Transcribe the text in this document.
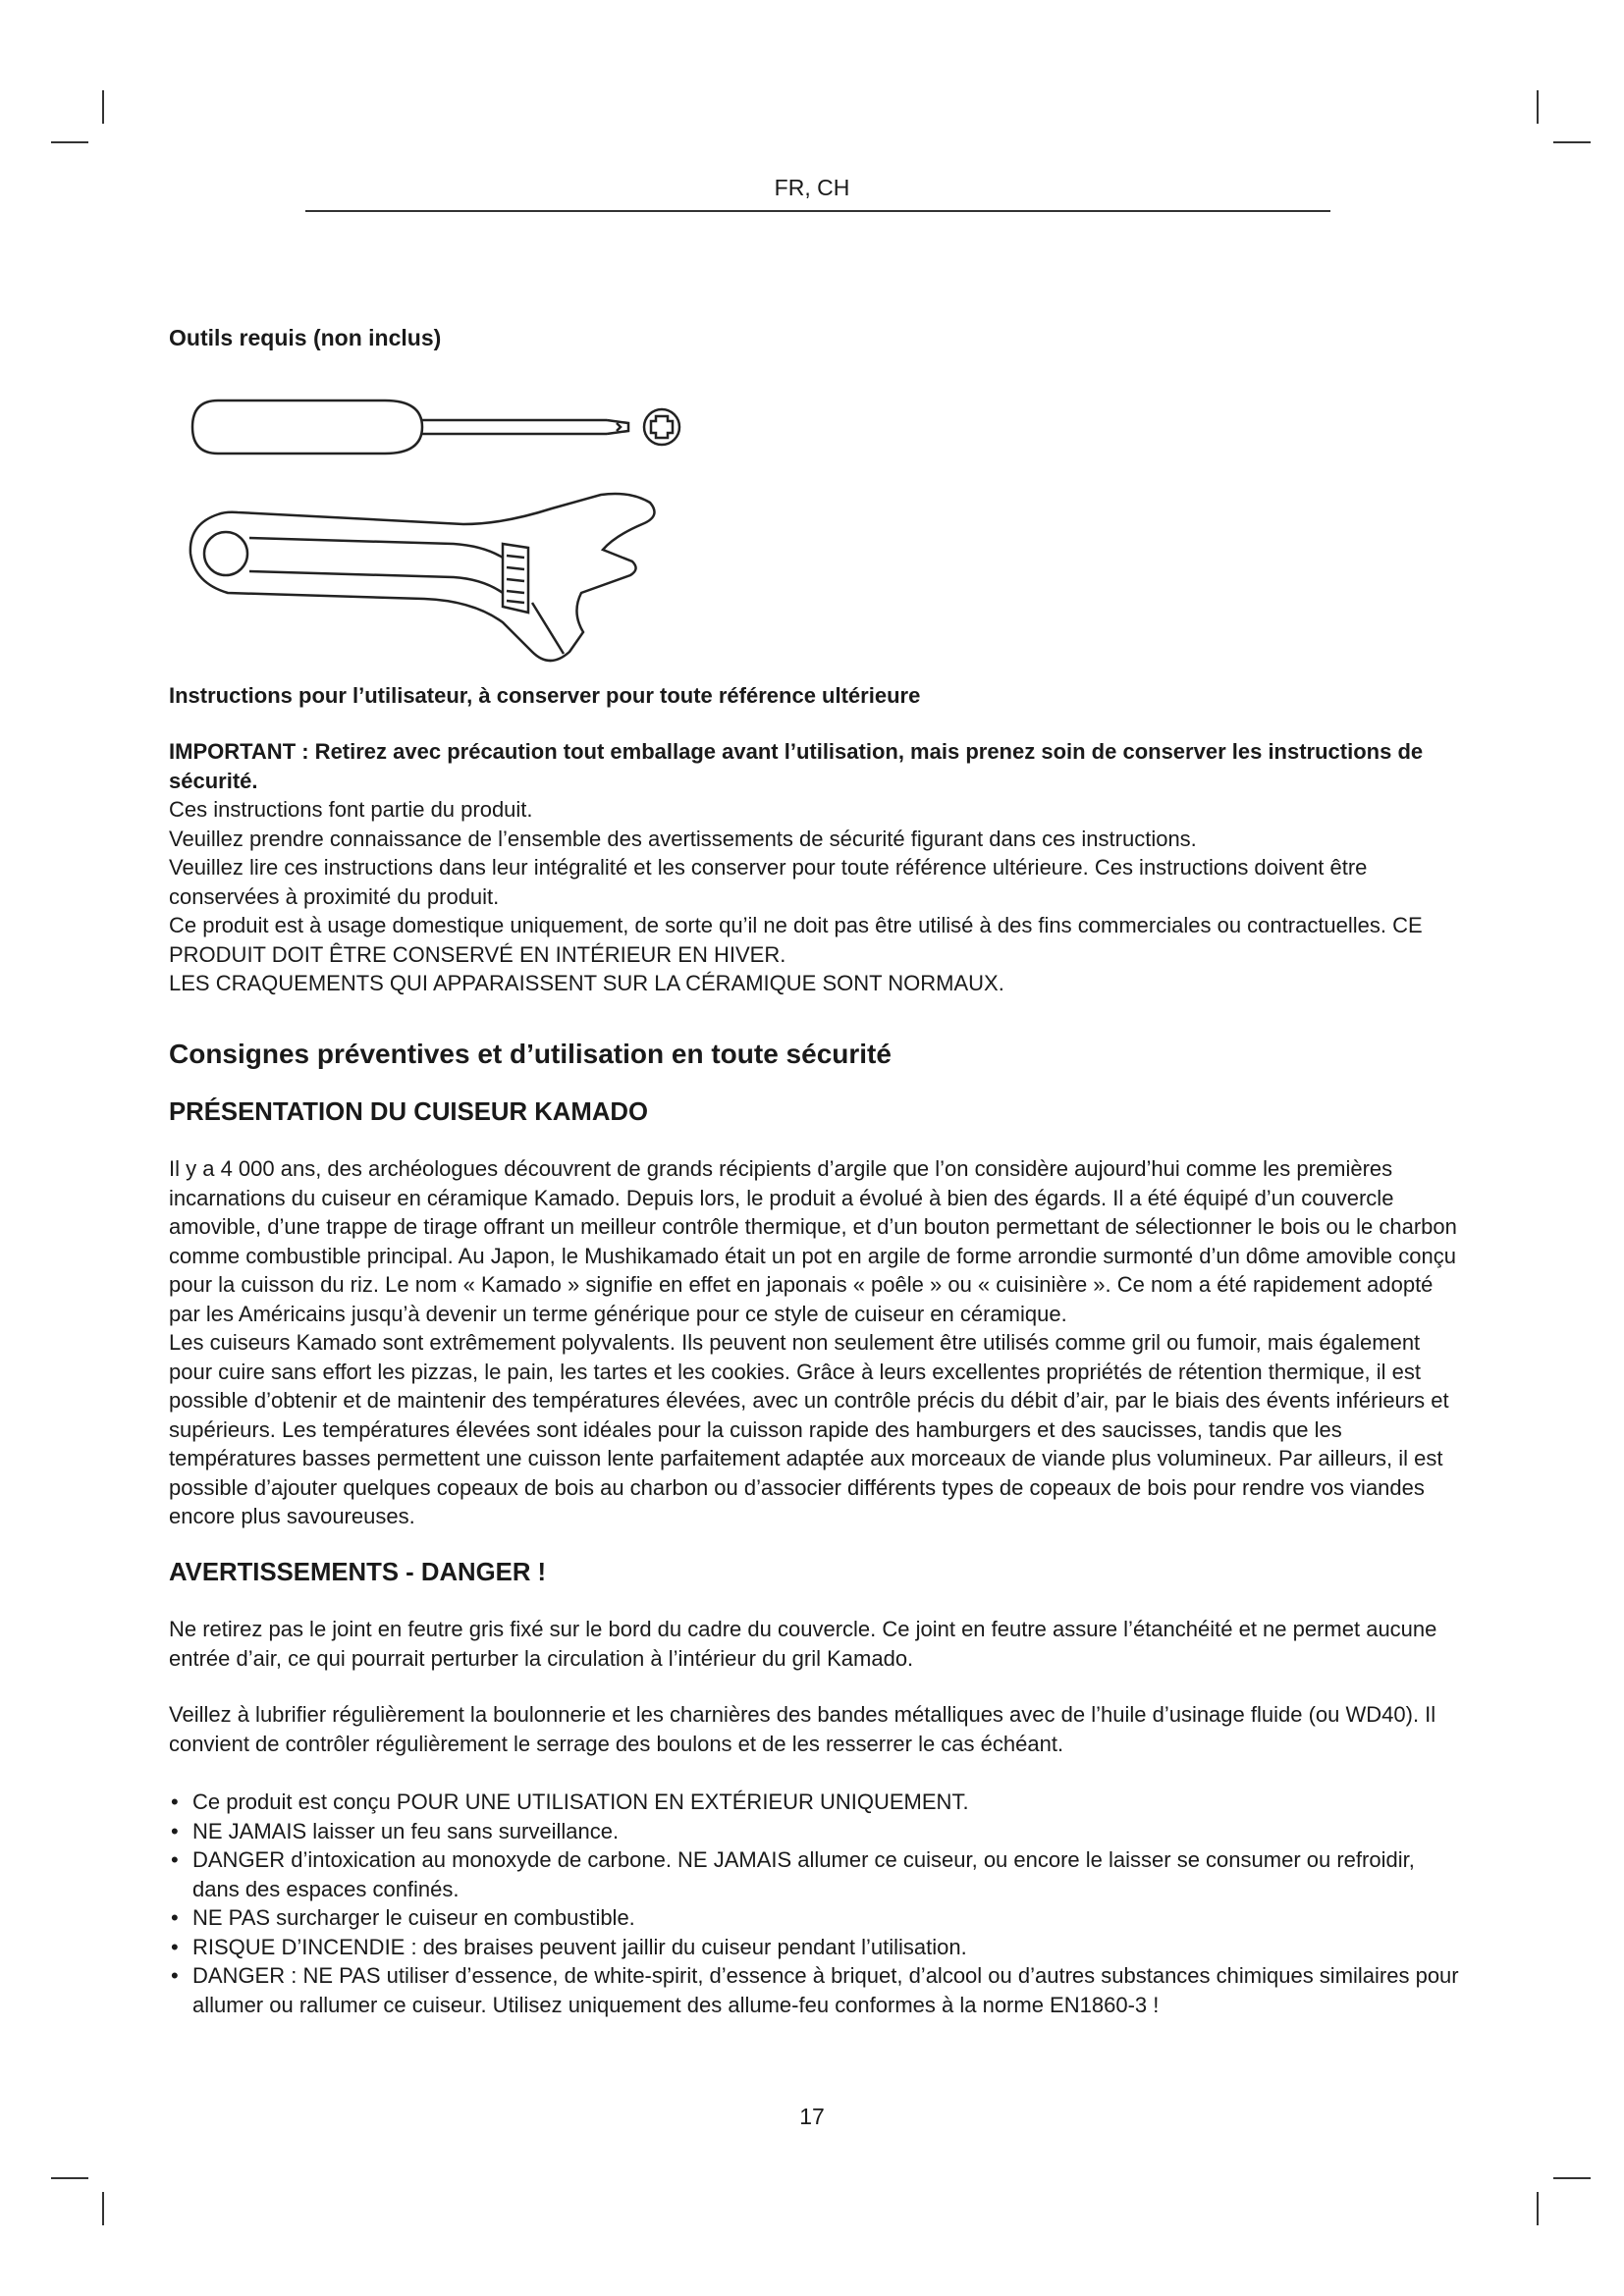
FR, CH

Outils requis (non inclus)

Instructions pour l’utilisateur, à conserver pour toute référence ultérieure

IMPORTANT : Retirez avec précaution tout emballage avant l’utilisation, mais prenez soin de conserver les instructions de sécurité.

Ces instructions font partie du produit.

Veuillez prendre connaissance de l’ensemble des avertissements de sécurité figurant dans ces instructions.

Veuillez lire ces instructions dans leur intégralité et les conserver pour toute référence ultérieure. Ces instructions doivent être conservées à proximité du produit.

Ce produit est à usage domestique uniquement, de sorte qu’il ne doit pas être utilisé à des fins commerciales ou contractuelles. CE PRODUIT DOIT ÊTRE CONSERVÉ EN INTÉRIEUR EN HIVER.

LES CRAQUEMENTS QUI APPARAISSENT SUR LA CÉRAMIQUE SONT NORMAUX.

Consignes préventives et d’utilisation en toute sécurité
PRÉSENTATION DU CUISEUR KAMADO

Il y a 4 000 ans, des archéologues découvrent de grands récipients d’argile que l’on considère aujourd’hui comme les premières incarnations du cuiseur en céramique Kamado. Depuis lors, le produit a évolué à bien des égards. Il a été équipé d’un couvercle amovible, d’une trappe de tirage offrant un meilleur contrôle thermique, et d’un bouton permettant de sélectionner le bois ou le charbon comme combustible principal. Au Japon, le Mushikamado était un pot en argile de forme arrondie surmonté d’un dôme amovible conçu pour la cuisson du riz. Le nom « Kamado » signifie en effet en japonais « poêle » ou « cuisinière ». Ce nom a été rapidement adopté par les Américains jusqu’à devenir un terme générique pour ce style de cuiseur en céramique.

Les cuiseurs Kamado sont extrêmement polyvalents. Ils peuvent non seulement être utilisés comme gril ou fumoir, mais également pour cuire sans effort les pizzas, le pain, les tartes et les cookies. Grâce à leurs excellentes propriétés de rétention thermique, il est possible d’obtenir et de maintenir des températures élevées, avec un contrôle précis du débit d’air, par le biais des évents inférieurs et supérieurs. Les températures élevées sont idéales pour la cuisson rapide des hamburgers et des saucisses, tandis que les températures basses permettent une cuisson lente parfaitement adaptée aux morceaux de viande plus volumineux. Par ailleurs, il est possible d’ajouter quelques copeaux de bois au charbon ou d’associer différents types de copeaux de bois pour rendre vos viandes encore plus savoureuses.

AVERTISSEMENTS - DANGER !

Ne retirez pas le joint en feutre gris fixé sur le bord du cadre du couvercle. Ce joint en feutre assure l’étanchéité et ne permet aucune entrée d’air, ce qui pourrait perturber la circulation à l’intérieur du gril Kamado.

Veillez à lubrifier régulièrement la boulonnerie et les charnières des bandes métalliques avec de l’huile d’usinage fluide (ou WD40). Il convient de contrôler régulièrement le serrage des boulons et de les resserrer le cas échéant.

• Ce produit est conçu POUR UNE UTILISATION EN EXTÉRIEUR UNIQUEMENT.
• NE JAMAIS laisser un feu sans surveillance.
• DANGER d’intoxication au monoxyde de carbone. NE JAMAIS allumer ce cuiseur, ou encore le laisser se consumer ou refroidir, dans des espaces confinés.
• NE PAS surcharger le cuiseur en combustible.
• RISQUE D’INCENDIE : des braises peuvent jaillir du cuiseur pendant l’utilisation.
• DANGER : NE PAS utiliser d’essence, de white-spirit, d’essence à briquet, d’alcool ou d’autres substances chimiques similaires pour allumer ou rallumer ce cuiseur. Utilisez uniquement des allume-feu conformes à la norme EN1860-3 !
17
